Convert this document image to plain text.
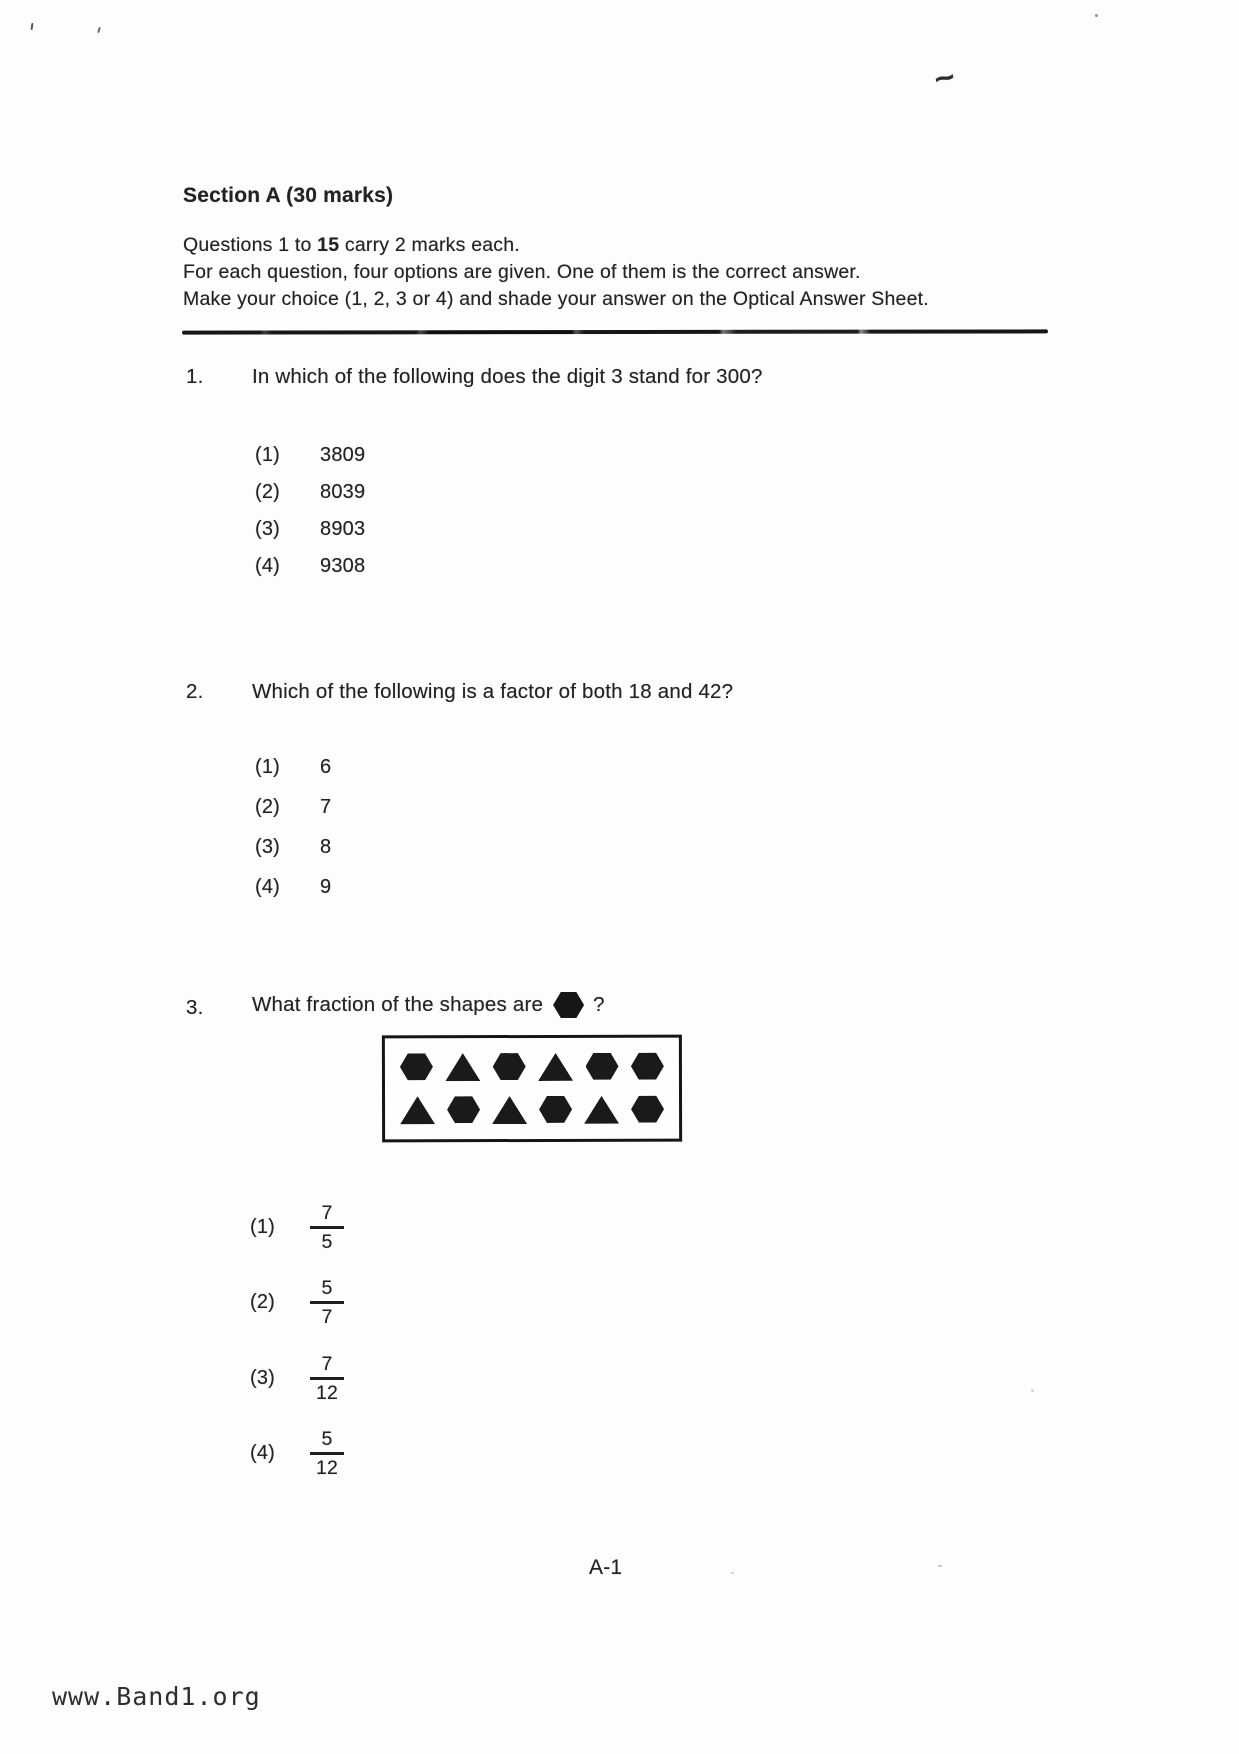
~
Section A (30 marks)
Questions 1 to 15 carry 2 marks each.
For each question, four options are given. One of them is the correct answer.
Make your choice (1, 2, 3 or 4) and shade your answer on the Optical Answer Sheet.
1. In which of the following does the digit 3 stand for 300?
(1)	3809
(2)	8039
(3)	8903
(4)	9308
2. Which of the following is a factor of both 18 and 42?
(1)	6
(2)	7
(3)	8
(4)	9
3. What fraction of the shapes are ?
(1)	$\frac{7}{5}$
(2)	$\frac{5}{7}$
(3)	$\frac{7}{12}$
(4)	$\frac{5}{12}$
A-1
www.Band1.org
